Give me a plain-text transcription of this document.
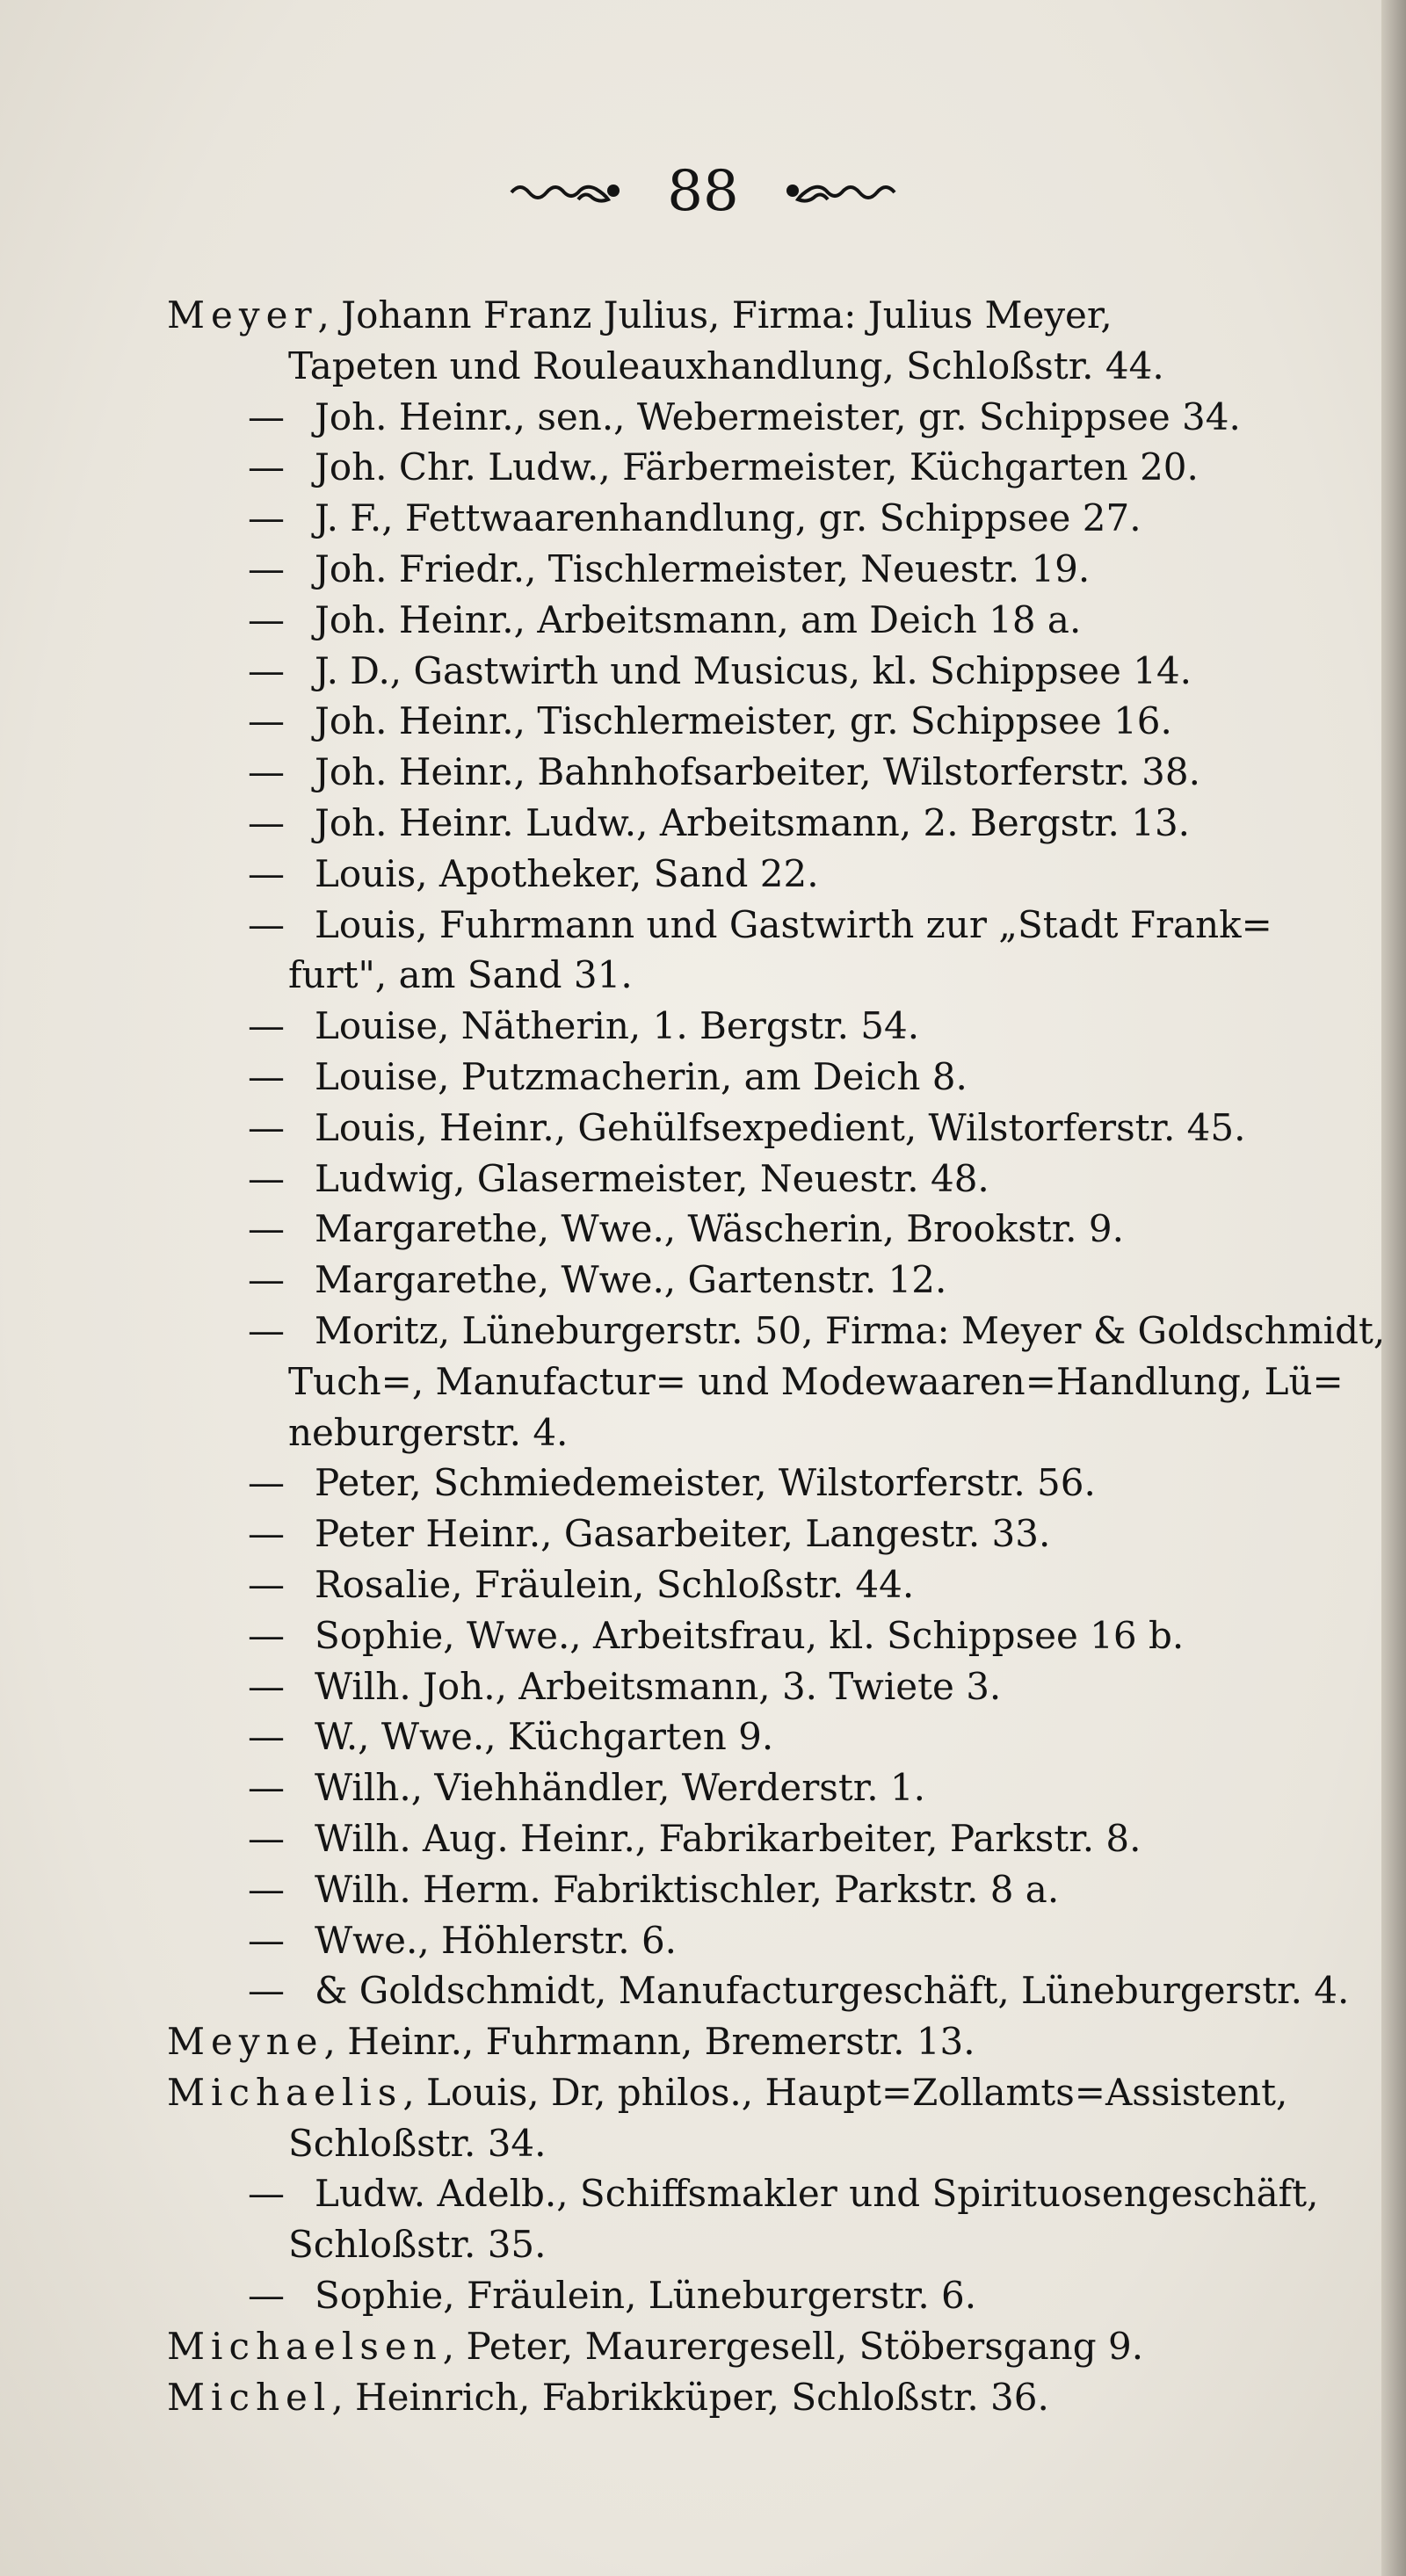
88
Meyer, Johann Franz Julius, Firma: Julius Meyer,
Tapeten und Rouleauxhandlung, Schloßstr. 44.
— Joh. Heinr., sen., Webermeister, gr. Schippsee 34.
— Joh. Chr. Ludw., Färbermeister, Küchgarten 20.
— J. F., Fettwaarenhandlung, gr. Schippsee 27.
— Joh. Friedr., Tischlermeister, Neuestr. 19.
— Joh. Heinr., Arbeitsmann, am Deich 18 a.
— J. D., Gastwirth und Musicus, kl. Schippsee 14.
— Joh. Heinr., Tischlermeister, gr. Schippsee 16.
— Joh. Heinr., Bahnhofsarbeiter, Wilstorferstr. 38.
— Joh. Heinr. Ludw., Arbeitsmann, 2. Bergstr. 13.
— Louis, Apotheker, Sand 22.
— Louis, Fuhrmann und Gastwirth zur „Stadt Frank=
furt", am Sand 31.
— Louise, Nätherin, 1. Bergstr. 54.
— Louise, Putzmacherin, am Deich 8.
— Louis, Heinr., Gehülfsexpedient, Wilstorferstr. 45.
— Ludwig, Glasermeister, Neuestr. 48.
— Margarethe, Wwe., Wäscherin, Brookstr. 9.
— Margarethe, Wwe., Gartenstr. 12.
— Moritz, Lüneburgerstr. 50, Firma: Meyer & Goldschmidt,
Tuch=, Manufactur= und Modewaaren=Handlung, Lü=
neburgerstr. 4.
— Peter, Schmiedemeister, Wilstorferstr. 56.
— Peter Heinr., Gasarbeiter, Langestr. 33.
— Rosalie, Fräulein, Schloßstr. 44.
— Sophie, Wwe., Arbeitsfrau, kl. Schippsee 16 b.
— Wilh. Joh., Arbeitsmann, 3. Twiete 3.
— W., Wwe., Küchgarten 9.
— Wilh., Viehhändler, Werderstr. 1.
— Wilh. Aug. Heinr., Fabrikarbeiter, Parkstr. 8.
— Wilh. Herm. Fabriktischler, Parkstr. 8 a.
— Wwe., Höhlerstr. 6.
— & Goldschmidt, Manufacturgeschäft, Lüneburgerstr. 4.
Meyne, Heinr., Fuhrmann, Bremerstr. 13.
Michaelis, Louis, Dr, philos., Haupt=Zollamts=Assistent,
Schloßstr. 34.
— Ludw. Adelb., Schiffsmakler und Spirituosengeschäft,
Schloßstr. 35.
— Sophie, Fräulein, Lüneburgerstr. 6.
Michaelsen, Peter, Maurergesell, Stöbersgang 9.
Michel, Heinrich, Fabrikküper, Schloßstr. 36.
